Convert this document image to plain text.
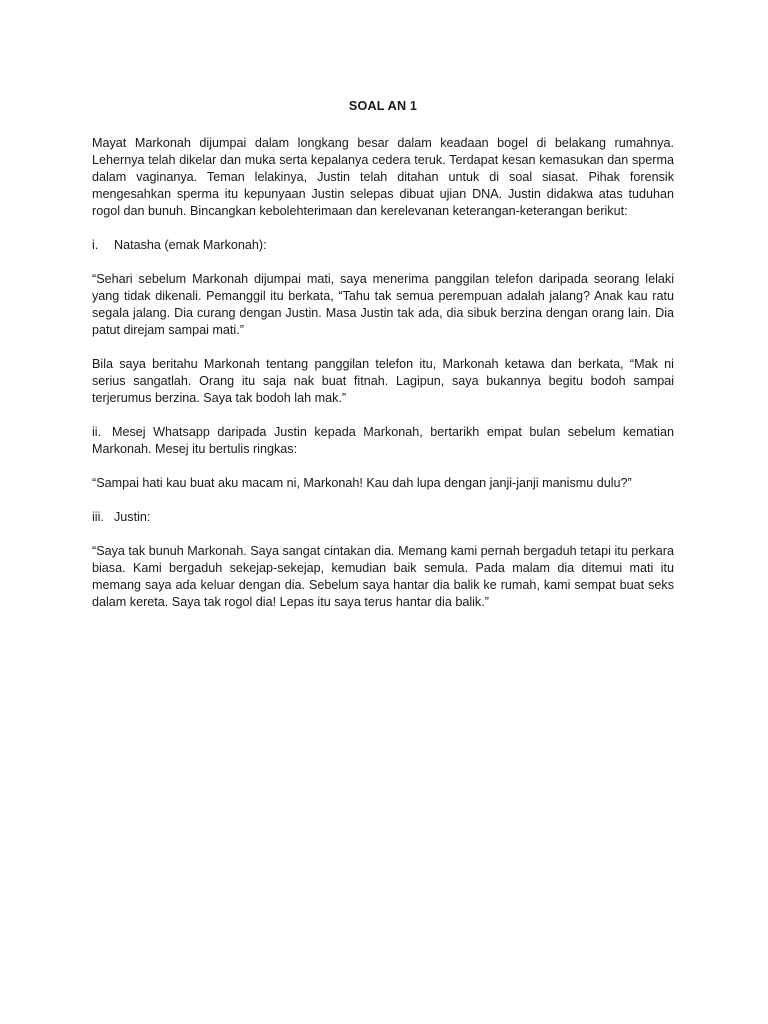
SOAL AN 1

Mayat Markonah dijumpai dalam longkang besar dalam keadaan bogel di belakang rumahnya. Lehernya telah dikelar dan muka serta kepalanya cedera teruk. Terdapat kesan kemasukan dan sperma dalam vaginanya. Teman lelakinya, Justin telah ditahan untuk di soal siasat. Pihak forensik mengesahkan sperma itu kepunyaan Justin selepas dibuat ujian DNA. Justin didakwa atas tuduhan rogol dan bunuh. Bincangkan kebolehterimaan dan kerelevanan keterangan-keterangan berikut:

i.	Natasha (emak Markonah):

“Sehari sebelum Markonah dijumpai mati, saya menerima panggilan telefon daripada seorang lelaki yang tidak dikenali. Pemanggil itu berkata, “Tahu tak semua perempuan adalah jalang? Anak kau ratu segala jalang. Dia curang dengan Justin. Masa Justin tak ada, dia sibuk berzina dengan orang lain. Dia patut direjam sampai mati.”

Bila saya beritahu Markonah tentang panggilan telefon itu, Markonah ketawa dan berkata, “Mak ni serius sangatlah. Orang itu saja nak buat fitnah. Lagipun, saya bukannya begitu bodoh sampai terjerumus berzina. Saya tak bodoh lah mak.”

ii. Mesej Whatsapp daripada Justin kepada Markonah, bertarikh empat bulan sebelum kematian Markonah. Mesej itu bertulis ringkas:

“Sampai hati kau buat aku macam ni, Markonah! Kau dah lupa dengan janji-janji manismu dulu?”

iii. Justin:

“Saya tak bunuh Markonah. Saya sangat cintakan dia. Memang kami pernah bergaduh tetapi itu perkara biasa. Kami bergaduh sekejap-sekejap, kemudian baik semula. Pada malam dia ditemui mati itu memang saya ada keluar dengan dia. Sebelum saya hantar dia balik ke rumah, kami sempat buat seks dalam kereta. Saya tak rogol dia! Lepas itu saya terus hantar dia balik.”
